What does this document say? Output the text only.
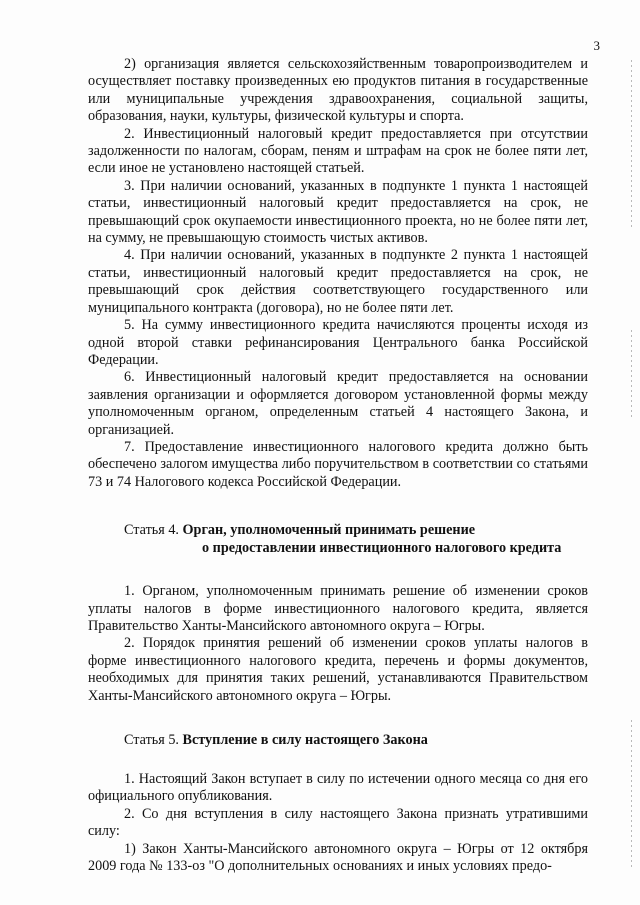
3

2) организация является сельскохозяйственным товаропроизводителем и осуществляет поставку произведенных ею продуктов питания в государственные или муниципальные учреждения здравоохранения, социальной защиты, образования, науки, культуры, физической культуры и спорта.

2. Инвестиционный налоговый кредит предоставляется при отсутствии задолженности по налогам, сборам, пеням и штрафам на срок не более пяти лет, если иное не установлено настоящей статьей.

3. При наличии оснований, указанных в подпункте 1 пункта 1 настоящей статьи, инвестиционный налоговый кредит предоставляется на срок, не превышающий срок окупаемости инвестиционного проекта, но не более пяти лет, на сумму, не превышающую стоимость чистых активов.

4. При наличии оснований, указанных в подпункте 2 пункта 1 настоящей статьи, инвестиционный налоговый кредит предоставляется на срок, не превышающий срок действия соответствующего государственного или муниципального контракта (договора), но не более пяти лет.

5. На сумму инвестиционного кредита начисляются проценты исходя из одной второй ставки рефинансирования Центрального банка Российской Федерации.

6. Инвестиционный налоговый кредит предоставляется на основании заявления организации и оформляется договором установленной формы между уполномоченным органом, определенным статьей 4 настоящего Закона, и организацией.

7. Предоставление инвестиционного налогового кредита должно быть обеспечено залогом имущества либо поручительством в соответствии со статьями 73 и 74 Налогового кодекса Российской Федерации.

Статья 4. Орган, уполномоченный принимать решение
о предоставлении инвестиционного налогового кредита

1. Органом, уполномоченным принимать решение об изменении сроков уплаты налогов в форме инвестиционного налогового кредита, является Правительство Ханты-Мансийского автономного округа – Югры.

2. Порядок принятия решений об изменении сроков уплаты налогов в форме инвестиционного налогового кредита, перечень и формы документов, необходимых для принятия таких решений, устанавливаются Правительством Ханты-Мансийского автономного округа – Югры.

Статья 5. Вступление в силу настоящего Закона

1. Настоящий Закон вступает в силу по истечении одного месяца со дня его официального опубликования.

2. Со дня вступления в силу настоящего Закона признать утратившими силу:

1) Закон Ханты-Мансийского автономного округа – Югры от 12 октября 2009 года № 133-оз "О дополнительных основаниях и иных условиях предо-
